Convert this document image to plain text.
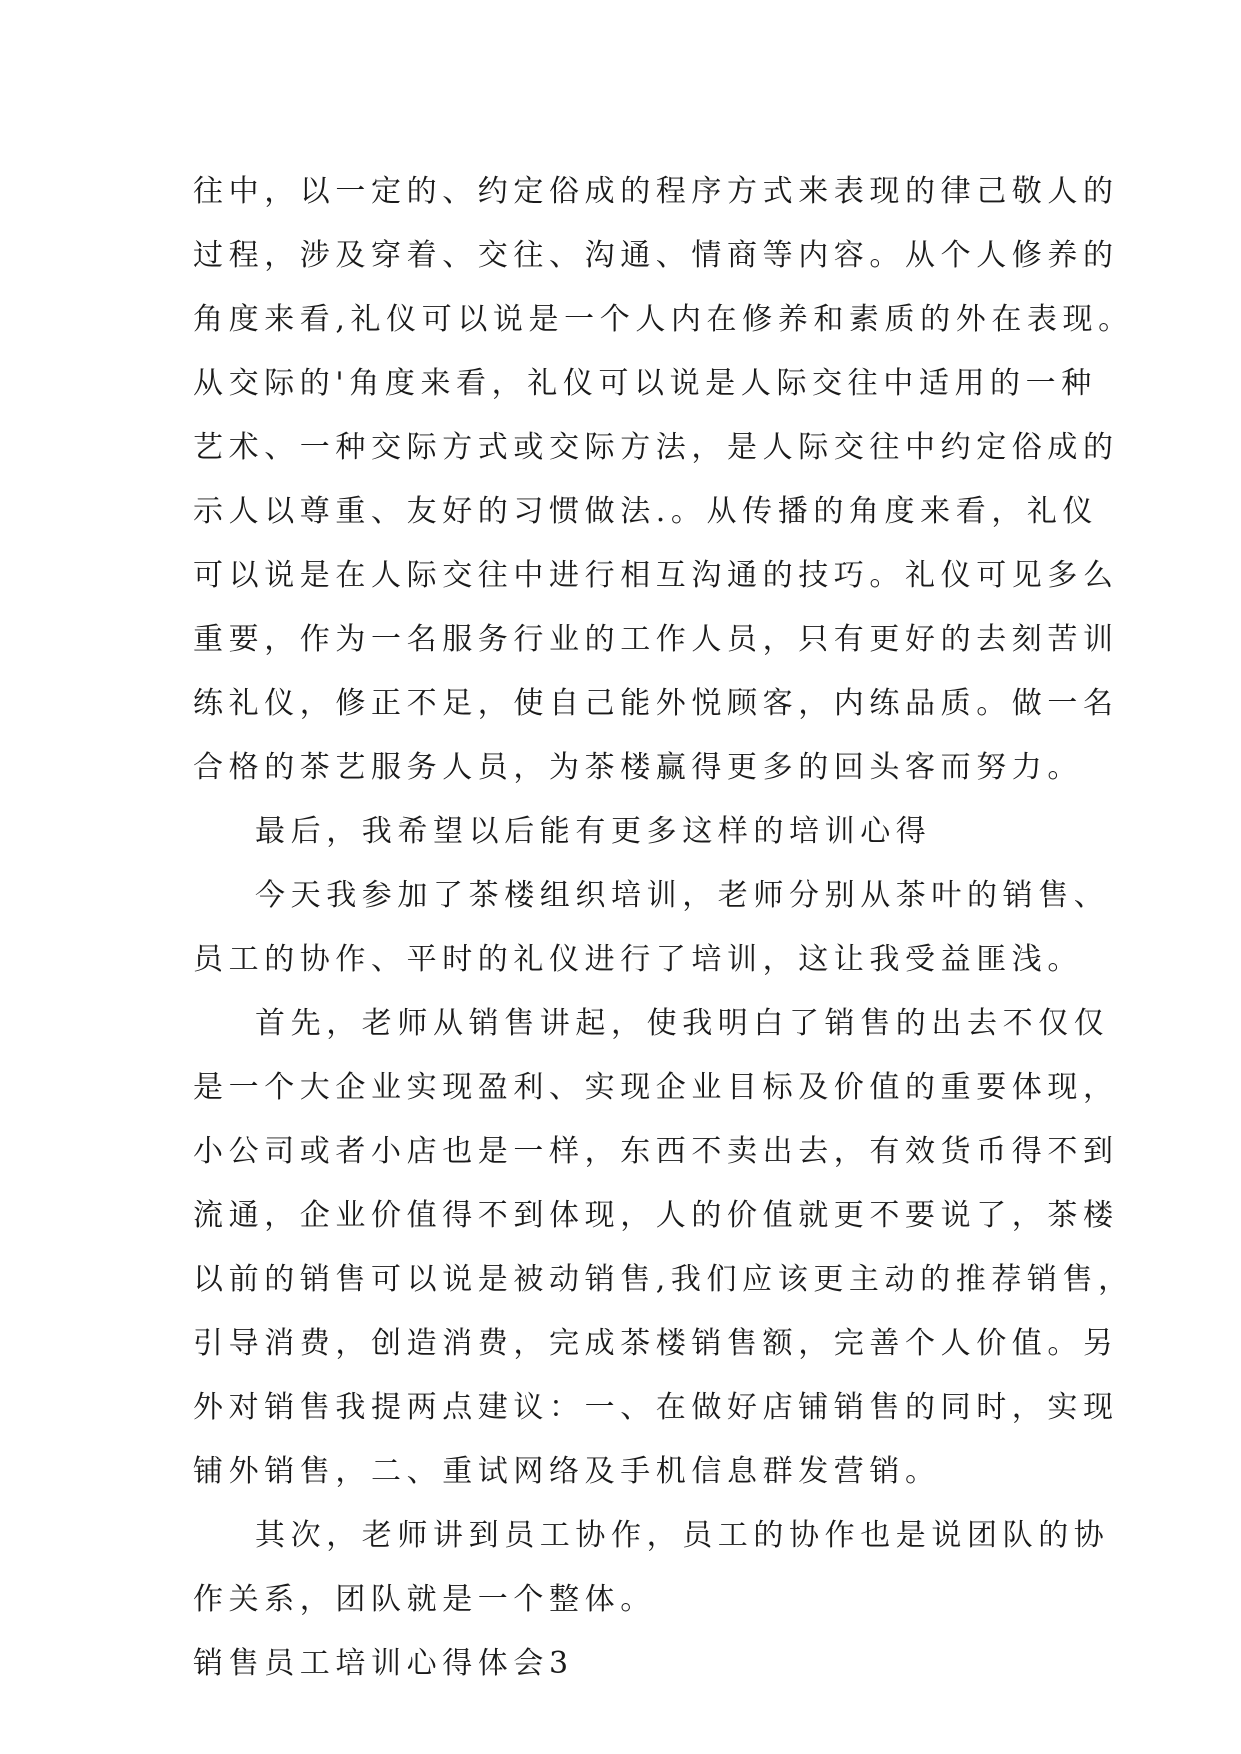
往中，以一定的、约定俗成的程序方式来表现的律己敬人的
过程，涉及穿着、交往、沟通、情商等内容。从个人修养的
角度来看,礼仪可以说是一个人内在修养和素质的外在表现。
从交际的'角度来看，礼仪可以说是人际交往中适用的一种
艺术、一种交际方式或交际方法，是人际交往中约定俗成的
示人以尊重、友好的习惯做法.。从传播的角度来看，礼仪
可以说是在人际交往中进行相互沟通的技巧。礼仪可见多么
重要，作为一名服务行业的工作人员，只有更好的去刻苦训
练礼仪，修正不足，使自己能外悦顾客，内练品质。做一名
合格的茶艺服务人员，为茶楼赢得更多的回头客而努力。
最后，我希望以后能有更多这样的培训心得
今天我参加了茶楼组织培训，老师分别从茶叶的销售、
员工的协作、平时的礼仪进行了培训，这让我受益匪浅。
首先，老师从销售讲起，使我明白了销售的出去不仅仅
是一个大企业实现盈利、实现企业目标及价值的重要体现，
小公司或者小店也是一样，东西不卖出去，有效货币得不到
流通，企业价值得不到体现，人的价值就更不要说了，茶楼
以前的销售可以说是被动销售,我们应该更主动的推荐销售，
引导消费，创造消费，完成茶楼销售额，完善个人价值。另
外对销售我提两点建议：一、在做好店铺销售的同时，实现
铺外销售，二、重试网络及手机信息群发营销。
其次，老师讲到员工协作，员工的协作也是说团队的协
作关系，团队就是一个整体。
销售员工培训心得体会3
